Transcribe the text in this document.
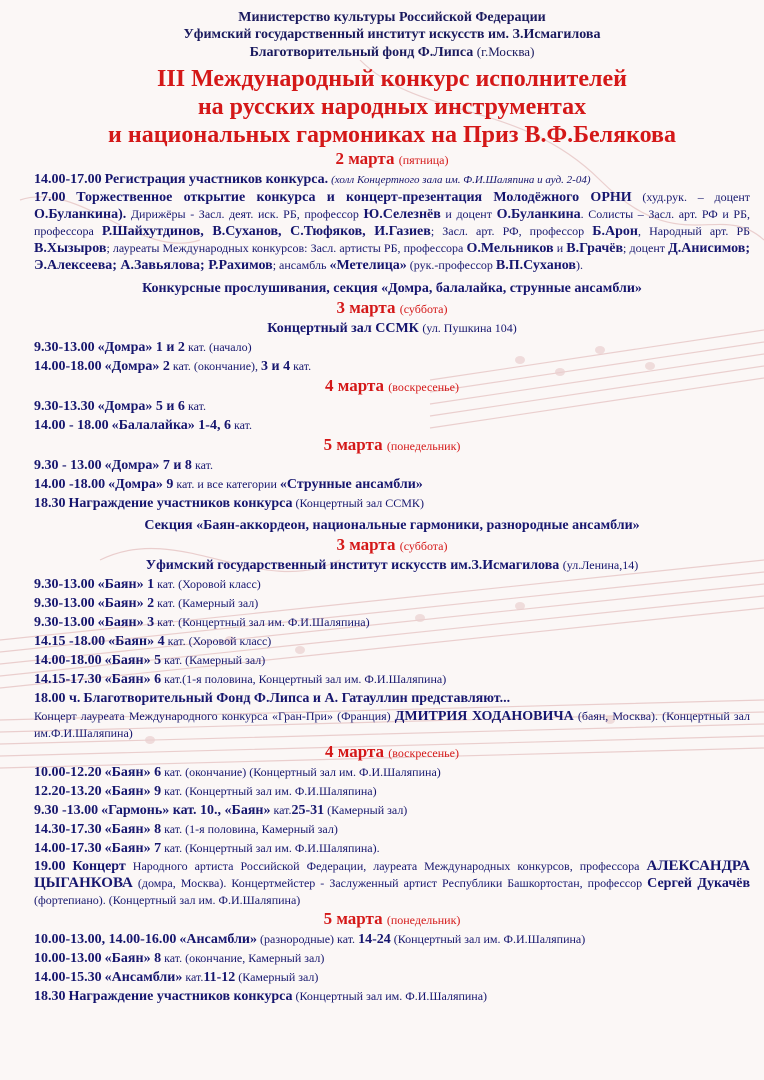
Министерство культуры Российской Федерации
Уфимский государственный институт искусств им. З.Исмагилова
Благотворительный фонд Ф.Липса (г.Москва)
III Международный конкурс исполнителей
на русских народных инструментах
и национальных гармониках на Приз В.Ф.Белякова
2 марта (пятница)
14.00-17.00 Регистрация участников конкурса. (холл Концертного зала им. Ф.И.Шаляпина и ауд. 2-04)
17.00 Торжественное открытие конкурса и концерт-презентация Молодёжного ОРНИ (худ.рук. – доцент О.Буланкина). Дирижёры - Засл. деят. иск. РБ, профессор Ю.Селезнёв и доцент О.Буланкина. Солисты – Засл. арт. РФ и РБ, профессора Р.Шайхутдинов, В.Суханов, С.Тюфяков, И.Газиев; Засл. арт. РФ, профессор Б.Арон, Народный арт. РБ В.Хызыров; лауреаты Международных конкурсов: Засл. артисты РБ, профессора О.Мельников и В.Грачёв; доцент Д.Анисимов; Э.Алексеева; А.Завьялова; Р.Рахимов; ансамбль «Метелица» (рук.-профессор В.П.Суханов).
Конкурсные прослушивания, секция «Домра, балалайка, струнные ансамбли»
3 марта (суббота)
Концертный зал ССМК (ул. Пушкина 104)
9.30-13.00 «Домра» 1 и 2 кат. (начало)
14.00-18.00 «Домра» 2 кат. (окончание), 3 и 4 кат.
4 марта (воскресенье)
9.30-13.30 «Домра» 5 и 6 кат.
14.00 - 18.00 «Балалайка» 1-4, 6 кат.
5 марта (понедельник)
9.30 - 13.00 «Домра» 7 и 8 кат.
14.00 -18.00 «Домра» 9 кат. и все категории «Струнные ансамбли»
18.30 Награждение участников конкурса (Концертный зал ССМК)
Секция «Баян-аккордеон, национальные гармоники, разнородные ансамбли»
3 марта (суббота)
Уфимский государственный институт искусств им.З.Исмагилова (ул.Ленина,14)
9.30-13.00 «Баян» 1 кат. (Хоровой класс)
9.30-13.00 «Баян» 2 кат. (Камерный зал)
9.30-13.00 «Баян» 3 кат. (Концертный зал им. Ф.И.Шаляпина)
14.15 -18.00 «Баян» 4 кат. (Хоровой класс)
14.00-18.00 «Баян» 5 кат. (Камерный зал)
14.15-17.30 «Баян» 6 кат.(1-я половина, Концертный зал им. Ф.И.Шаляпина)
18.00 ч. Благотворительный Фонд Ф.Липса и А. Гатауллин представляют...
Концерт лауреата Международного конкурса «Гран-При» (Франция) ДМИТРИЯ ХОДАНОВИЧА (баян, Москва). (Концертный зал им.Ф.И.Шаляпина)
4 марта (воскресенье)
10.00-12.20 «Баян» 6 кат. (окончание) (Концертный зал им. Ф.И.Шаляпина)
12.20-13.20 «Баян» 9 кат. (Концертный зал им. Ф.И.Шаляпина)
9.30 -13.00 «Гармонь» кат. 10., «Баян» кат.25-31 (Камерный зал)
14.30-17.30 «Баян» 8 кат. (1-я половина, Камерный зал)
14.00-17.30 «Баян» 7 кат. (Концертный зал им. Ф.И.Шаляпина).
19.00 Концерт Народного артиста Российской Федерации, лауреата Международных конкурсов, профессора АЛЕКСАНДРА ЦЫГАНКОВА (домра, Москва). Концертмейстер - Заслуженный артист Республики Башкортостан, профессор Сергей Дукачёв (фортепиано). (Концертный зал им. Ф.И.Шаляпина)
5 марта (понедельник)
10.00-13.00, 14.00-16.00 «Ансамбли» (разнородные) кат. 14-24 (Концертный зал им. Ф.И.Шаляпина)
10.00-13.00 «Баян» 8 кат. (окончание, Камерный зал)
14.00-15.30 «Ансамбли» кат.11-12 (Камерный зал)
18.30 Награждение участников конкурса (Концертный зал им. Ф.И.Шаляпина)
